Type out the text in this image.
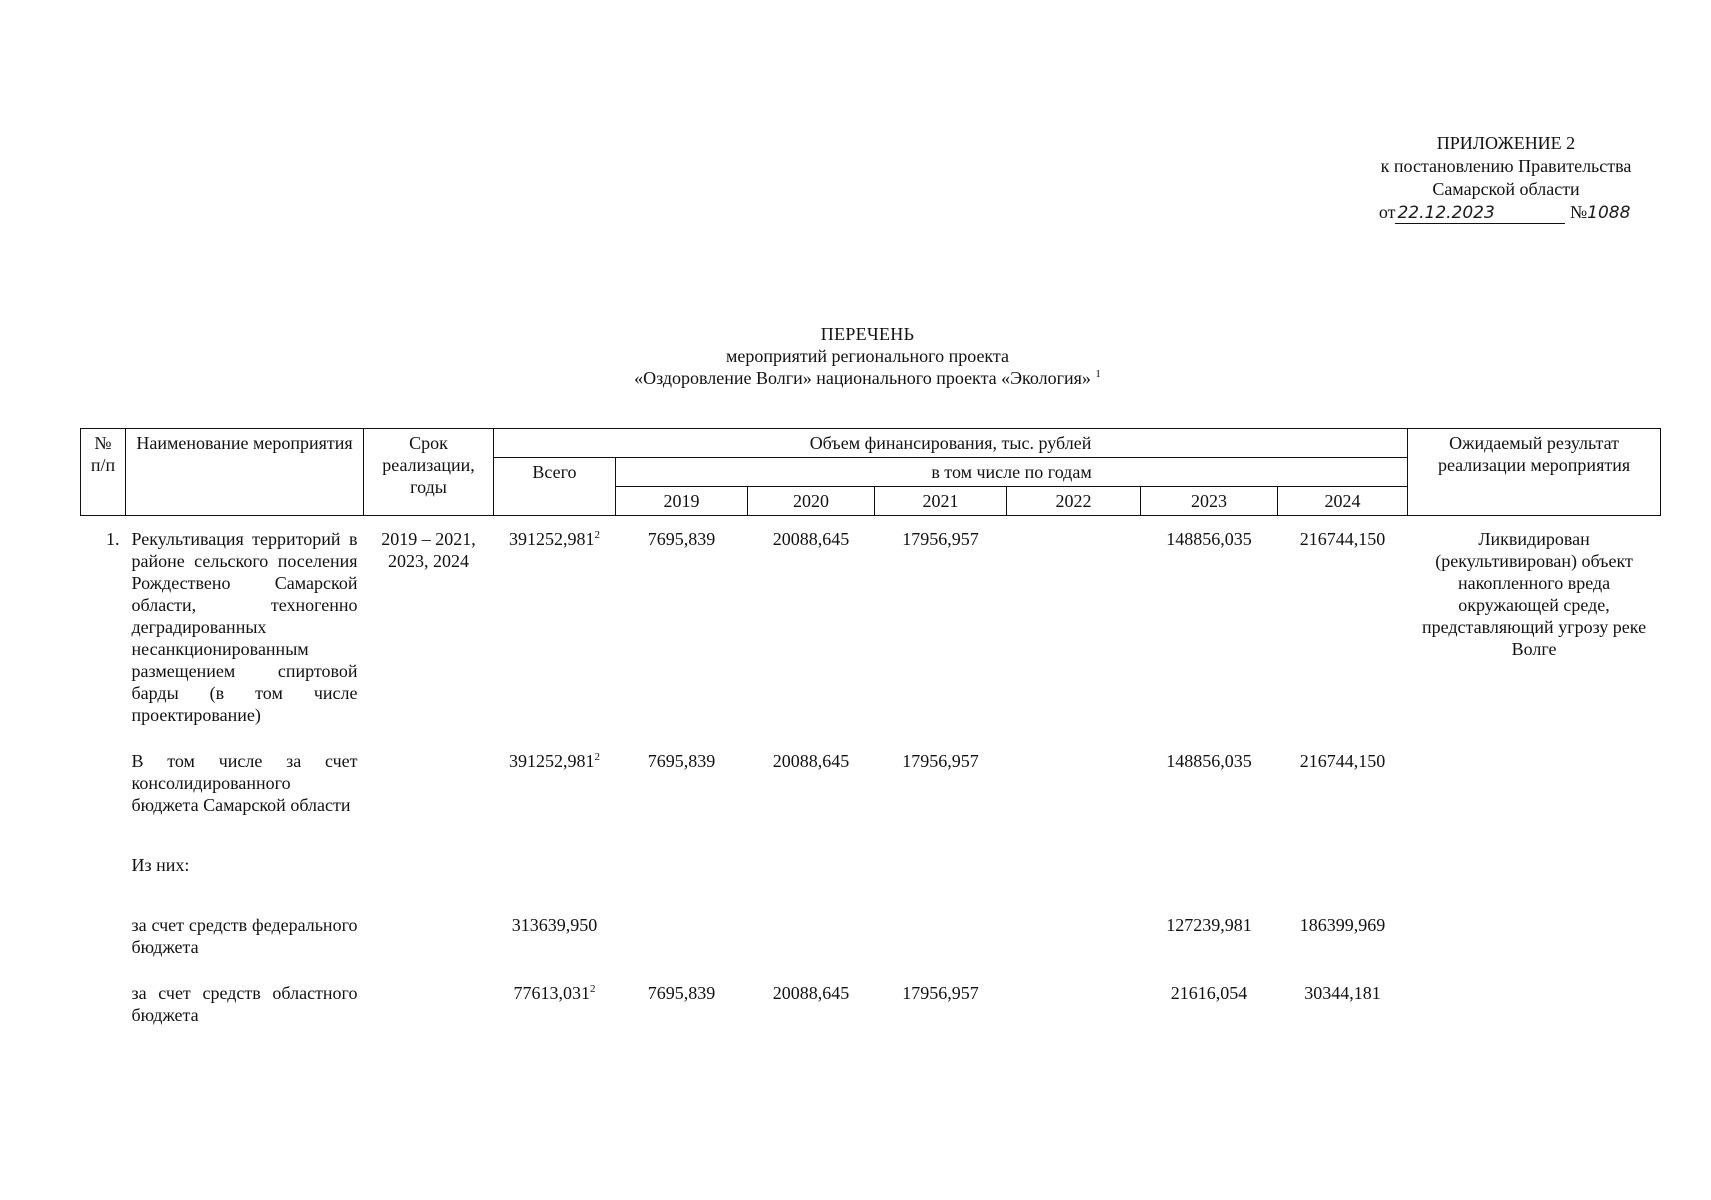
ПРИЛОЖЕНИЕ 2
к постановлению Правительства
Самарской области
от 22.12.2023	№1088
ПЕРЕЧЕНЬ
мероприятий регионального проекта
«Оздоровление Волги» национального проекта «Экология» $^1$
№ п/п	Наименование мероприятия	Срок реализации, годы	Объем финансирования, тыс. рублей							Ожидаемый результат реализации мероприятия
			Всего	в том числе по годам						
				2019	2020	2021	2022	2023	2024	
1.	Рекультивация территорий в районе сельского поселения Рождествено Самарской области, техногенно деградированных несанкционированным размещением спиртовой барды (в том числе проектирование)	2019 – 2021, 2023, 2024	391252,981$^2$	7695,839	20088,645	17956,957		148856,035	216744,150	Ликвидирован (рекультивирован) объект накопленного вреда окружающей среде, представляющий угрозу реке Волге

	В том числе за счет консолидированного бюджета Самарской области		391252,981$^2$	7695,839	20088,645	17956,957		148856,035	216744,150	

	Из них:									

	за счет средств федерального бюджета		313639,950					127239,981	186399,969	

	за счет средств областного бюджета		77613,031$^2$	7695,839	20088,645	17956,957		21616,054	30344,181	
